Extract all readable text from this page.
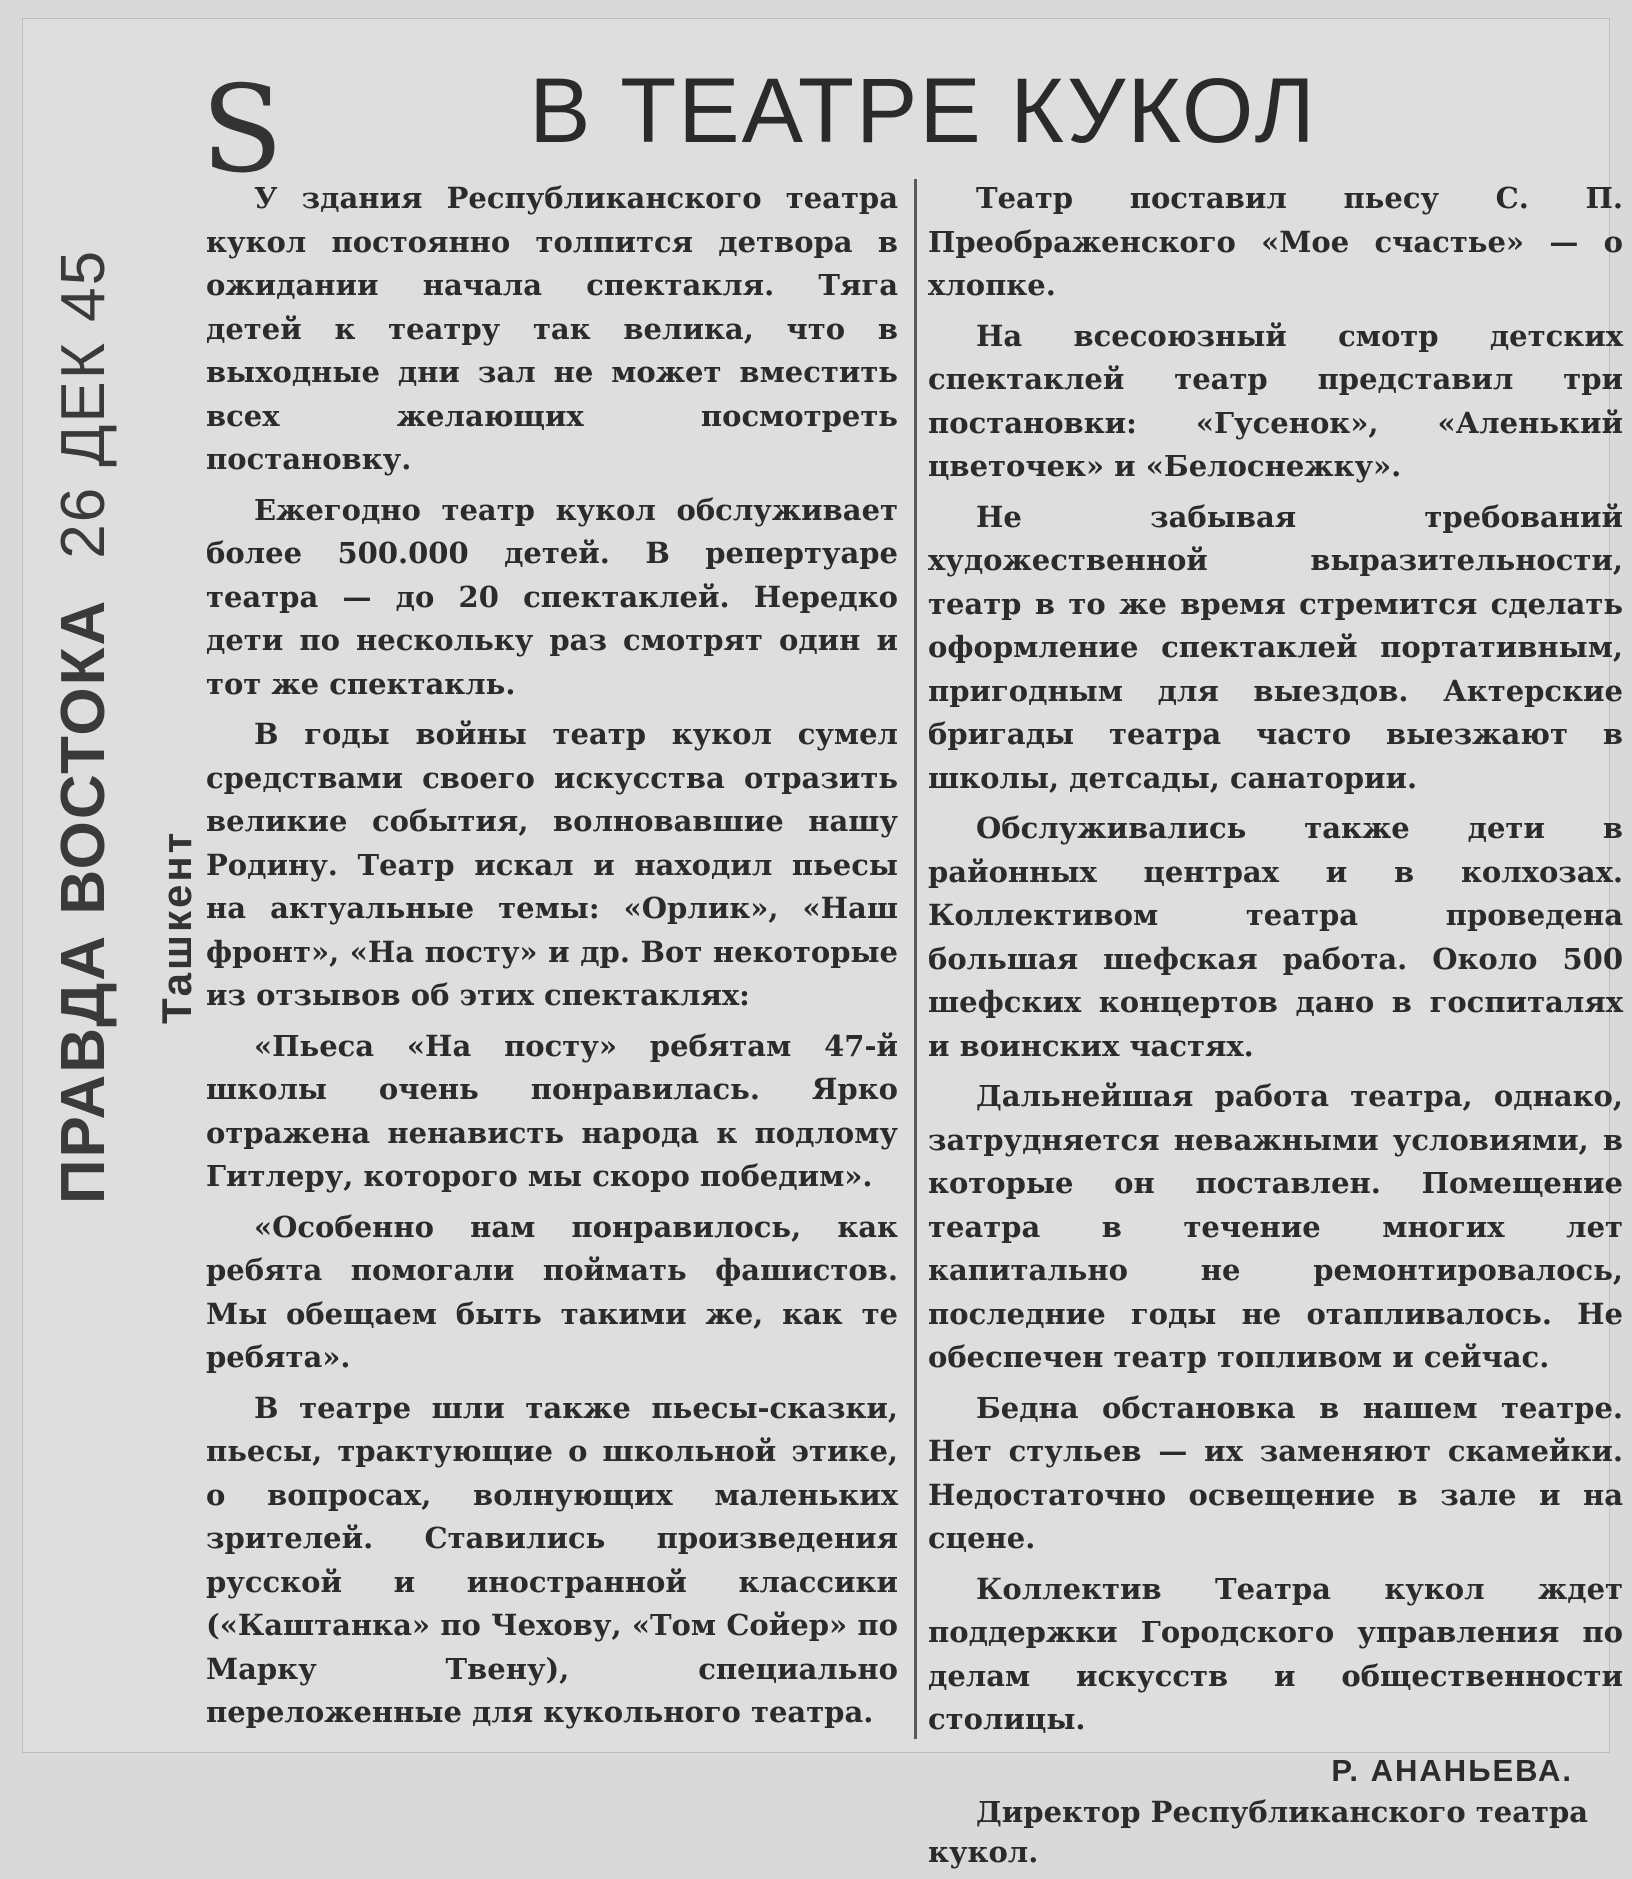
ПРАВДА ВОСТОКА26 ДЕК 45
Ташкент
S	В ТЕАТРЕ КУКОЛ

У здания Республиканского театра кукол постоянно толпится детвора в ожидании начала спектакля. Тяга детей к театру так велика, что в выходные дни зал не может вместить всех желающих посмотреть постановку.

Ежегодно театр кукол обслуживает более 500.000 детей. В репертуаре театра — до 20 спектаклей. Нередко дети по нескольку раз смотрят один и тот же спектакль.

В годы войны театр кукол сумел средствами своего искусства отразить великие события, волновавшие нашу Родину. Театр искал и находил пьесы на актуальные темы: «Орлик», «Наш фронт», «На посту» и др. Вот некоторые из отзывов об этих спектаклях:

«Пьеса «На посту» ребятам 47-й школы очень понравилась. Ярко отражена ненависть народа к подлому Гитлеру, которого мы скоро победим».

«Особенно нам понравилось, как ребята помогали поймать фашистов. Мы обещаем быть такими же, как те ребята».

В театре шли также пьесы-сказки, пьесы, трактующие о школьной этике, о вопросах, волнующих маленьких зрителей. Ставились произведения русской и иностранной классики («Каштанка» по Чехову, «Том Сойер» по Марку Твену), специально переложенные для кукольного театра.

Театр поставил пьесу С. П. Преображенского «Мое счастье» — о хлопке.

На всесоюзный смотр детских спектаклей театр представил три постановки: «Гусенок», «Аленький цветочек» и «Белоснежку».

Не забывая требований художественной выразительности, театр в то же время стремится сделать оформление спектаклей портативным, пригодным для выездов. Актерские бригады театра часто выезжают в школы, детсады, санатории.

Обслуживались также дети в районных центрах и в колхозах. Коллективом театра проведена большая шефская работа. Около 500 шефских концертов дано в госпиталях и воинских частях.

Дальнейшая работа театра, однако, затрудняется неважными условиями, в которые он поставлен. Помещение театра в течение многих лет капитально не ремонтировалось, последние годы не отапливалось. Не обеспечен театр топливом и сейчас.

Бедна обстановка в нашем театре. Нет стульев — их заменяют скамейки. Недостаточно освещение в зале и на сцене.

Коллектив Театра кукол ждет поддержки Городского управления по делам искусств и общественности столицы.

Р. АНАНЬЕВА.

Директор Республиканского театра кукол.
